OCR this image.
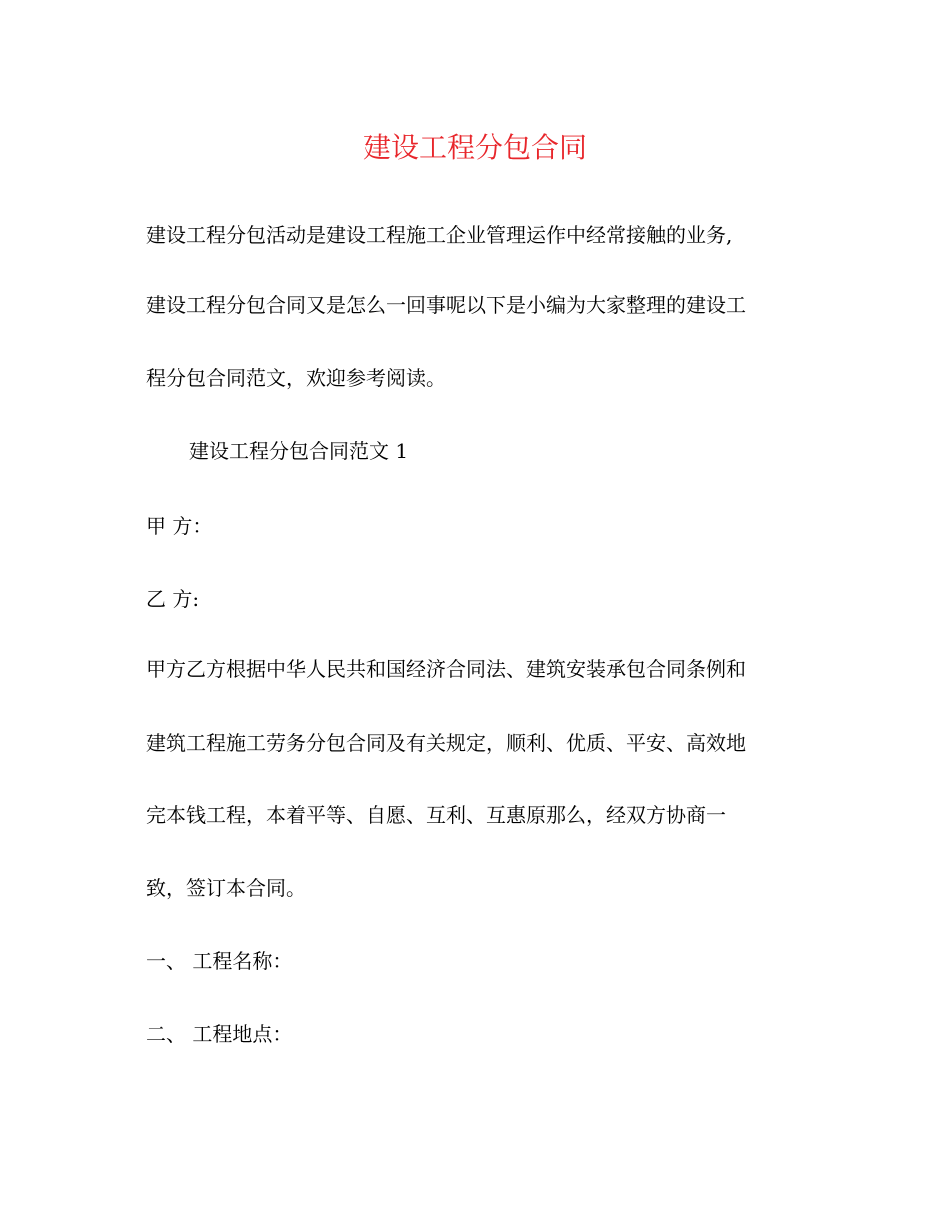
建设工程分包合同
建设工程分包活动是建设工程施工企业管理运作中经常接触的业务,
建设工程分包合同又是怎么一回事呢以下是小编为大家整理的建设工
程分包合同范文，欢迎参考阅读。
建设工程分包合同范文 1
甲 方：
乙 方:
甲方乙方根据中华人民共和国经济合同法、建筑安装承包合同条例和
建筑工程施工劳务分包合同及有关规定，顺利、优质、平安、高效地
完本钱工程，本着平等、自愿、互利、互惠原那么，经双方协商一
致，签订本合同。
一、 工程名称：
二、 工程地点：
